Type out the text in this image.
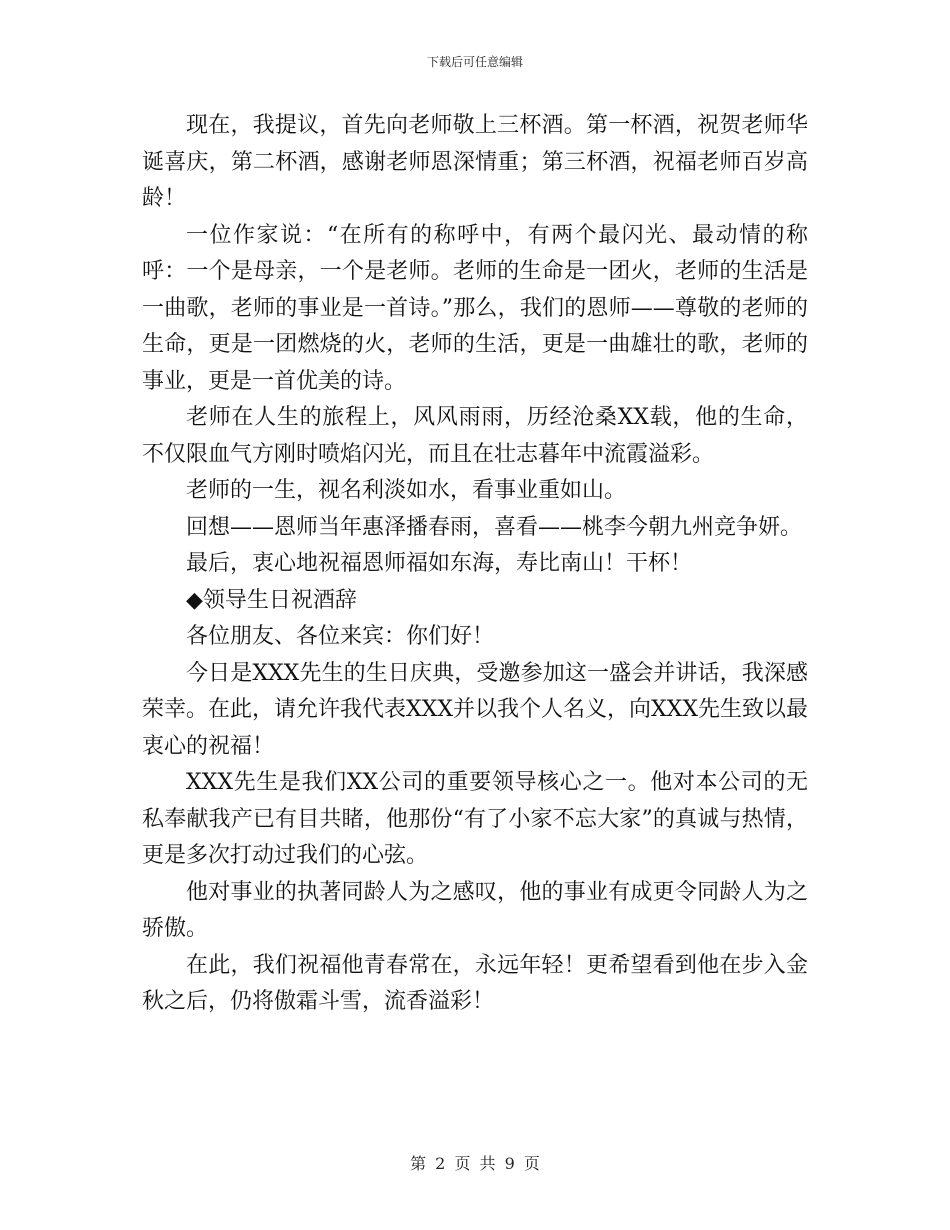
下载后可任意编辑

现在，我提议，首先向老师敬上三杯酒。第一杯酒，祝贺老师华诞喜庆，第二杯酒，感谢老师恩深情重；第三杯酒，祝福老师百岁高龄！

一位作家说：“在所有的称呼中，有两个最闪光、最动情的称呼：一个是母亲，一个是老师。老师的生命是一团火，老师的生活是一曲歌，老师的事业是一首诗。”那么，我们的恩师——尊敬的老师的生命，更是一团燃烧的火，老师的生活，更是一曲雄壮的歌，老师的事业，更是一首优美的诗。

老师在人生的旅程上，风风雨雨，历经沧桑XX载，他的生命，不仅限血气方刚时喷焰闪光，而且在壮志暮年中流霞溢彩。

老师的一生，视名利淡如水，看事业重如山。

回想——恩师当年惠泽播春雨，喜看——桃李今朝九州竞争妍。

最后，衷心地祝福恩师福如东海，寿比南山！干杯！

◆领导生日祝酒辞

各位朋友、各位来宾：你们好！

今日是XXX先生的生日庆典，受邀参加这一盛会并讲话，我深感荣幸。在此，请允许我代表XXX并以我个人名义，向XXX先生致以最衷心的祝福！

XXX先生是我们XX公司的重要领导核心之一。他对本公司的无私奉献我产已有目共睹，他那份“有了小家不忘大家”的真诚与热情，更是多次打动过我们的心弦。

他对事业的执著同龄人为之感叹，他的事业有成更令同龄人为之骄傲。

在此，我们祝福他青春常在，永远年轻！更希望看到他在步入金秋之后，仍将傲霜斗雪，流香溢彩！

第 2 页 共 9 页
